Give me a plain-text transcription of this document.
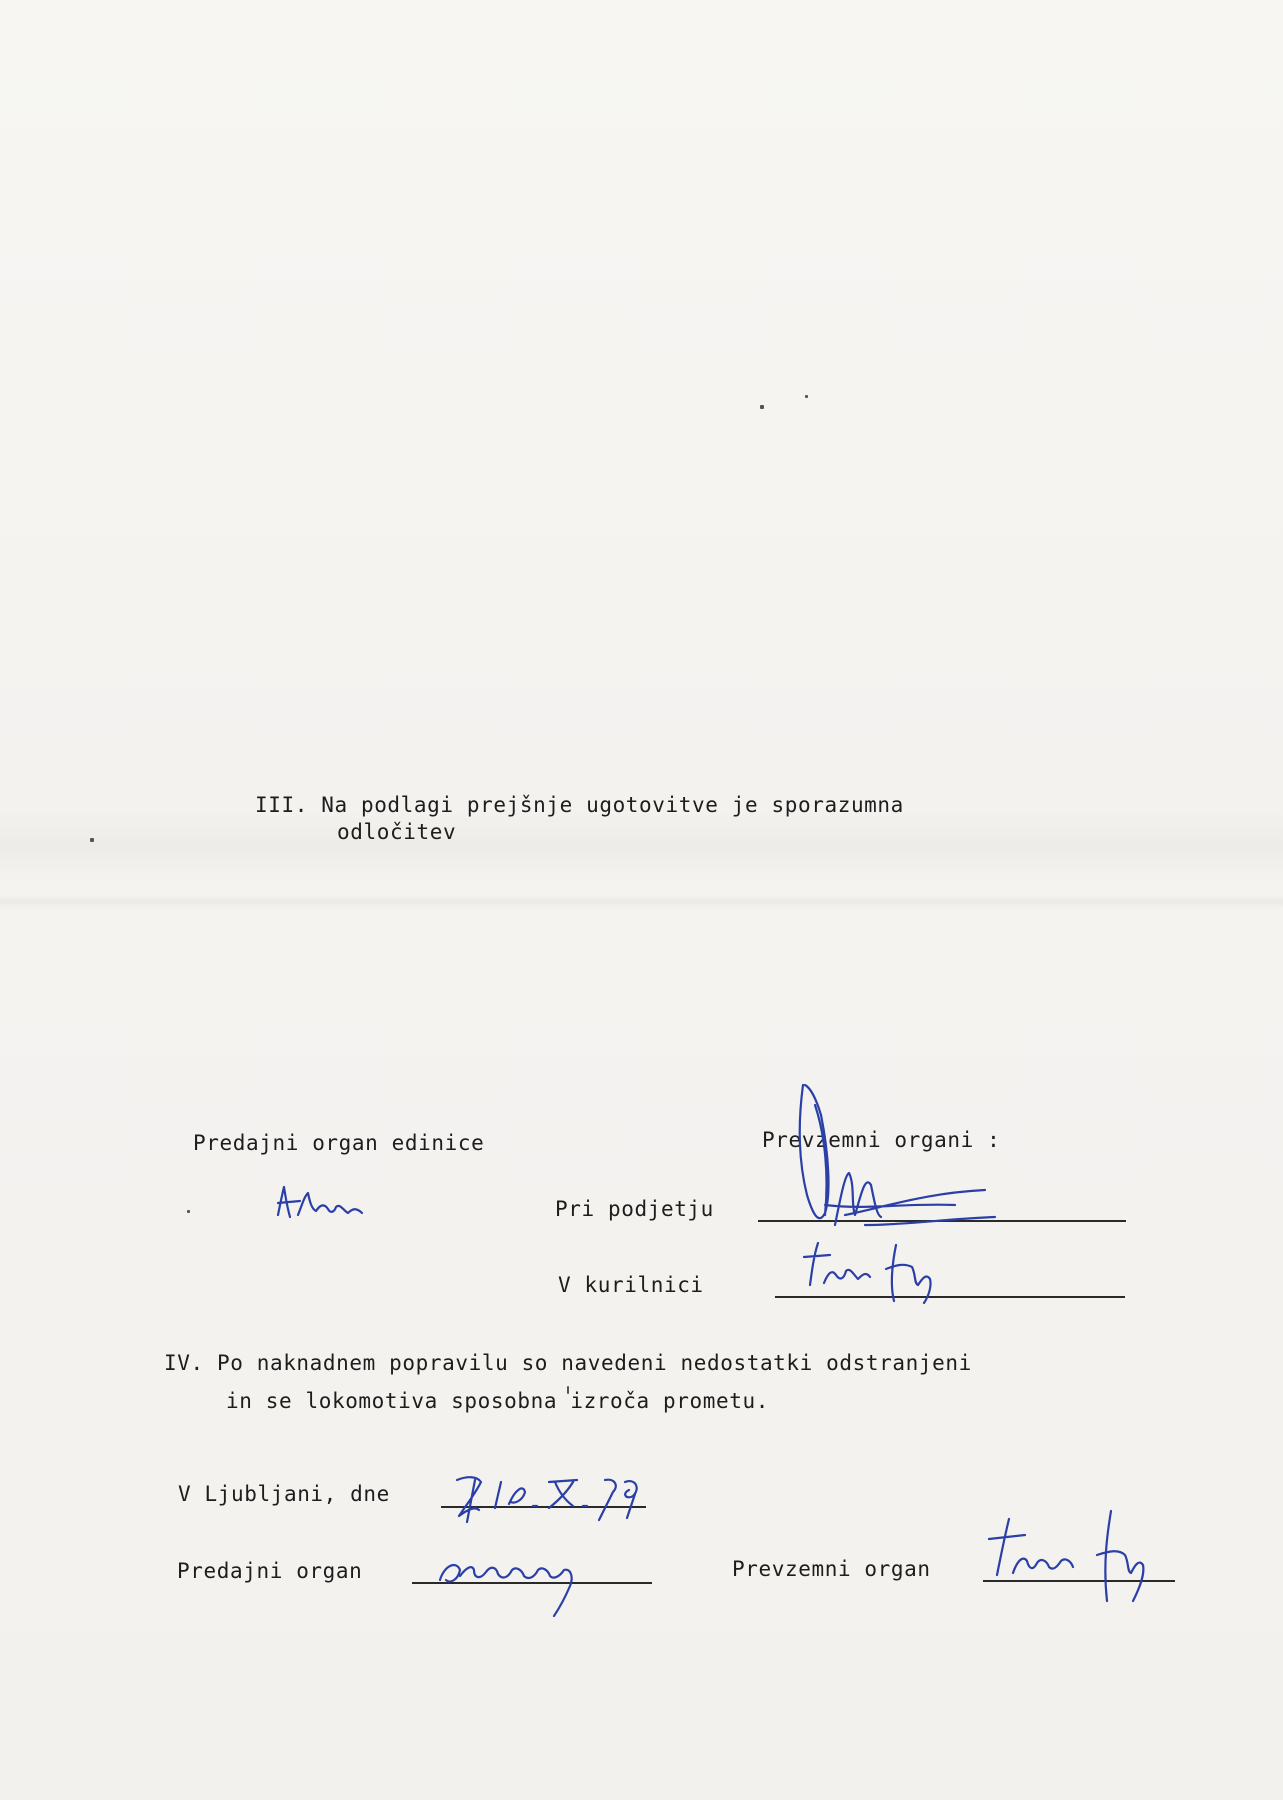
III. Na podlagi prejšnje ugotovitve je sporazumna
odločitev
Predajni organ edinice	Prevzemni organi :
Pri podjetju
V kurilnici
IV. Po naknadnem popravilu so navedeni nedostatki odstranjeni
in se lokomotiva sposobna izroča prometu.
V Ljubljani, dne
Predajni organ	Prevzemni organ
